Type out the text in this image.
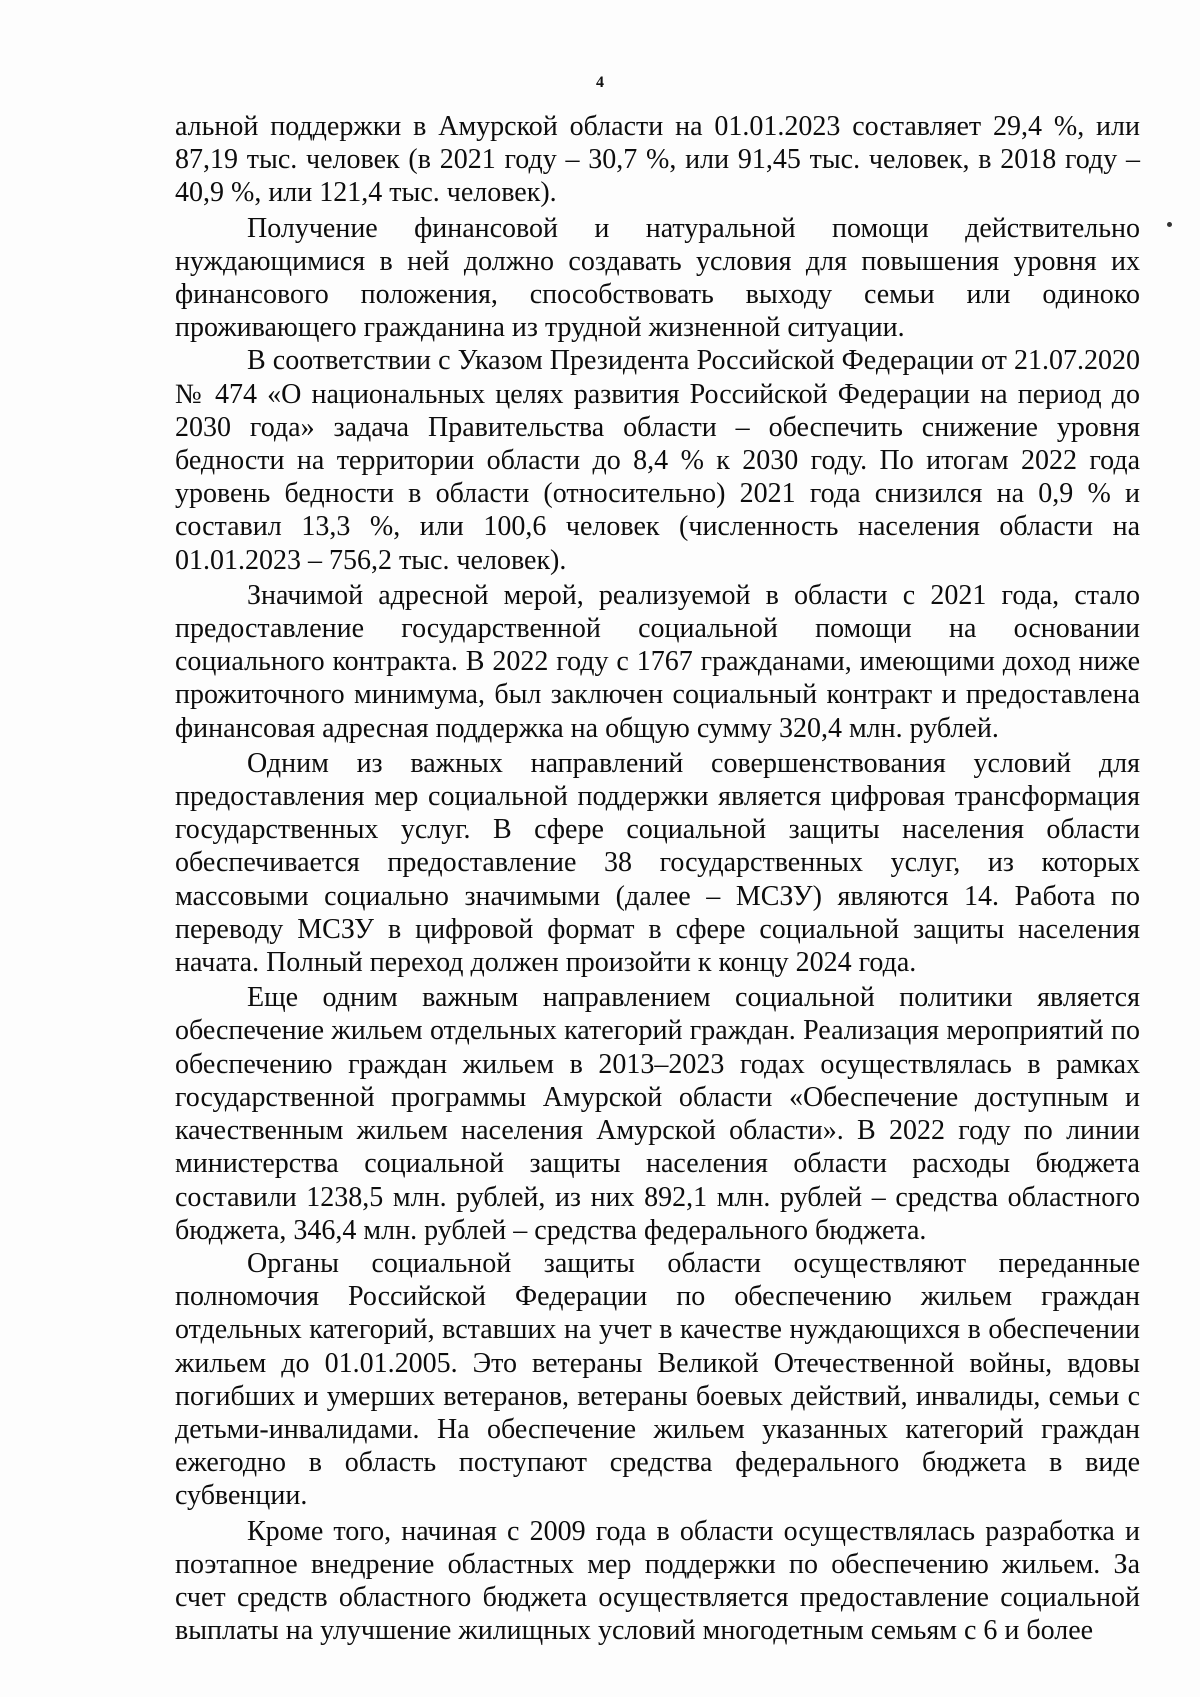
4

альной поддержки в Амурской области на 01.01.2023 составляет 29,4 %, или 87,19 тыс. человек (в 2021 году – 30,7 %, или 91,45 тыс. человек, в 2018 году – 40,9 %, или 121,4 тыс. человек).

Получение финансовой и натуральной помощи действительно нуждающимися в ней должно создавать условия для повышения уровня их финансового положения, способствовать выходу семьи или одиноко проживающего гражданина из трудной жизненной ситуации.

В соответствии с Указом Президента Российской Федерации от 21.07.2020 № 474 «О национальных целях развития Российской Федерации на период до 2030 года» задача Правительства области – обеспечить снижение уровня бедности на территории области до 8,4 % к 2030 году. По итогам 2022 года уровень бедности в области (относительно) 2021 года снизился на 0,9 % и составил 13,3 %, или 100,6 человек (численность населения области на 01.01.2023 – 756,2 тыс. человек).

Значимой адресной мерой, реализуемой в области с 2021 года, стало предоставление государственной социальной помощи на основании социального контракта. В 2022 году с 1767 гражданами, имеющими доход ниже прожиточного минимума, был заключен социальный контракт и предоставлена финансовая адресная поддержка на общую сумму 320,4 млн. рублей.

Одним из важных направлений совершенствования условий для предоставления мер социальной поддержки является цифровая трансформация государственных услуг. В сфере социальной защиты населения области обеспечивается предоставление 38 государственных услуг, из которых массовыми социально значимыми (далее – МСЗУ) являются 14. Работа по переводу МСЗУ в цифровой формат в сфере социальной защиты населения начата. Полный переход должен произойти к концу 2024 года.

Еще одним важным направлением социальной политики является обеспечение жильем отдельных категорий граждан. Реализация мероприятий по обеспечению граждан жильем в 2013–2023 годах осуществлялась в рамках государственной программы Амурской области «Обеспечение доступным и качественным жильем населения Амурской области». В 2022 году по линии министерства социальной защиты населения области расходы бюджета составили 1238,5 млн. рублей, из них 892,1 млн. рублей – средства областного бюджета, 346,4 млн. рублей – средства федерального бюджета.

Органы социальной защиты области осуществляют переданные полномочия Российской Федерации по обеспечению жильем граждан отдельных категорий, вставших на учет в качестве нуждающихся в обеспечении жильем до 01.01.2005. Это ветераны Великой Отечественной войны, вдовы погибших и умерших ветеранов, ветераны боевых действий, инвалиды, семьи с детьми-инвалидами. На обеспечение жильем указанных категорий граждан ежегодно в область поступают средства федерального бюджета в виде субвенции.

Кроме того, начиная с 2009 года в области осуществлялась разработка и поэтапное внедрение областных мер поддержки по обеспечению жильем. За счет средств областного бюджета осуществляется предоставление социальной выплаты на улучшение жилищных условий многодетным семьям с 6 и более
